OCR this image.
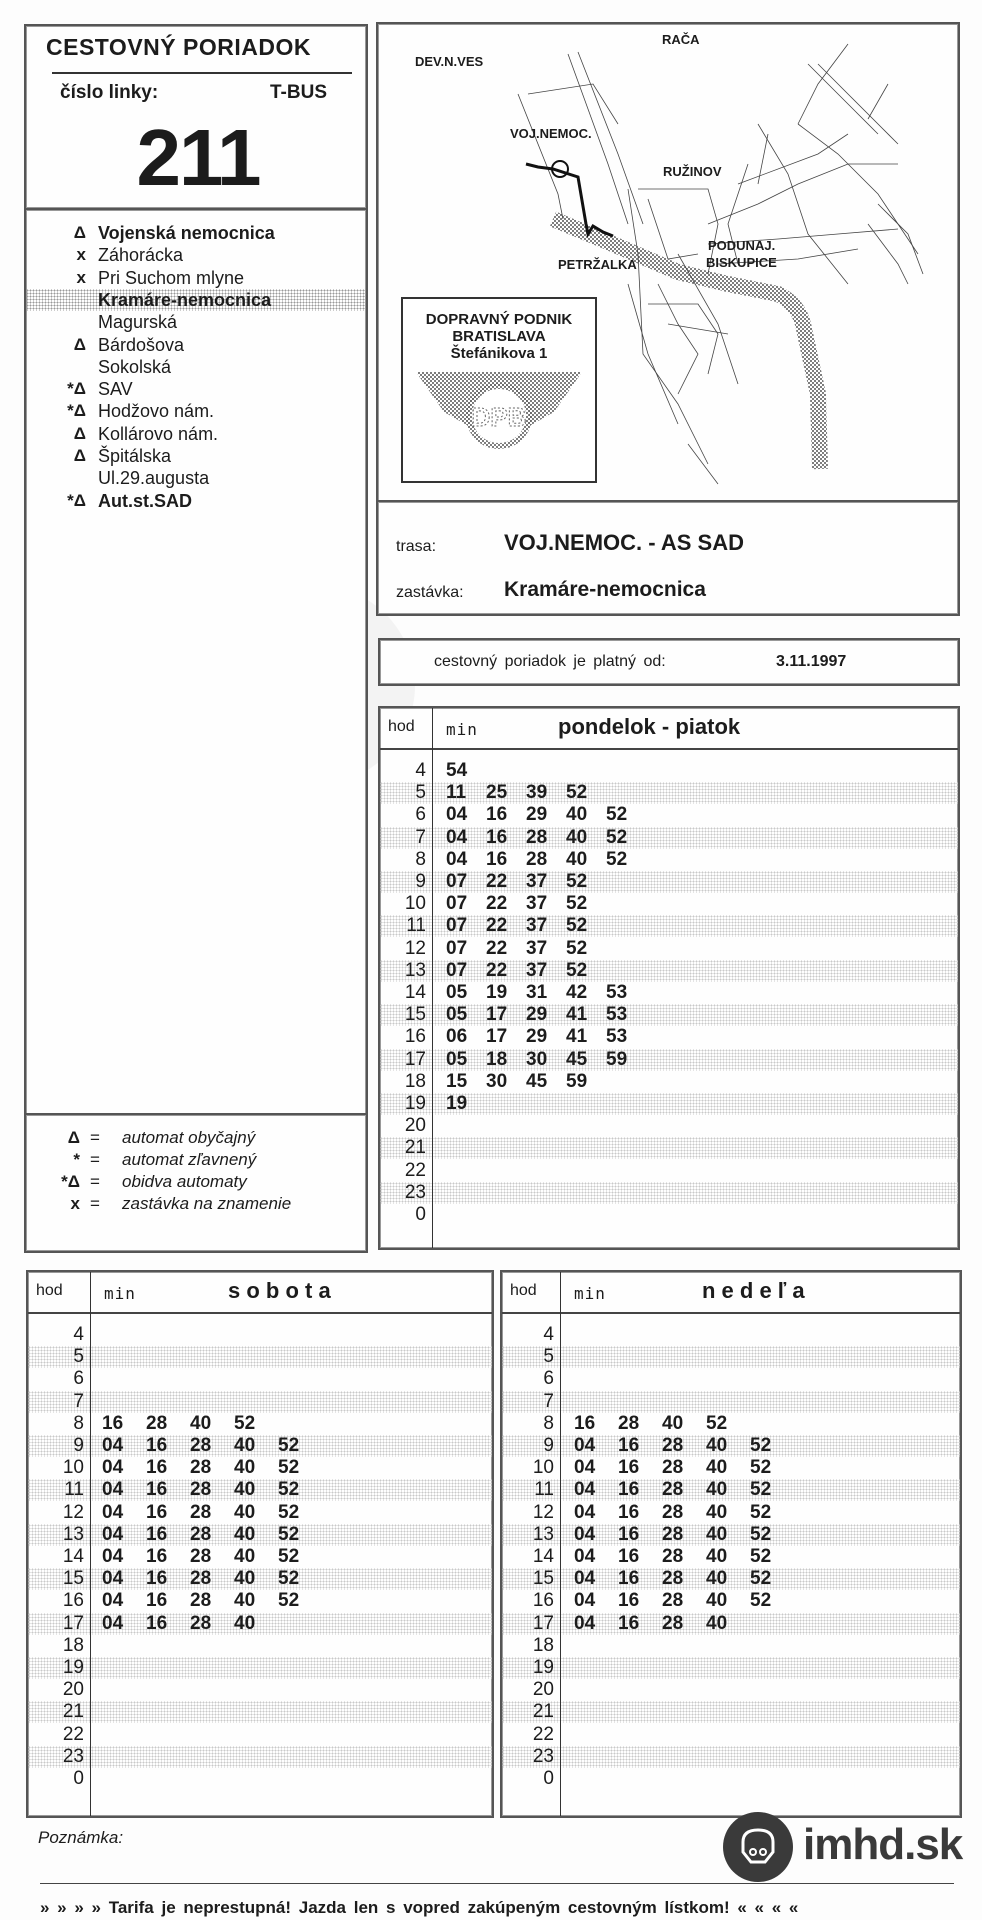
CESTOVNÝ PORIADOK
číslo linky:	T-BUS
211
Δ Vojenská nemocnica
x Záhorácka
x Pri Suchom mlyne
Kramáre-nemocnica
Magurská
Δ Bárdošova
Sokolská
*Δ SAV
*Δ Hodžovo nám.
Δ Kollárovo nám.
Δ Špitálska
Ul.29.augusta
*Δ Aut.st.SAD
Δ = automat obyčajný
* = automat zľavnený
*Δ = obidva automaty
x = zastávka na znamenie
DEV.N.VES
RAČA
VOJ.NEMOC.
RUŽINOV
PETRŽALKA
PODUNAJ.
BISKUPICE
DOPRAVNÝ PODNIK
BRATISLAVA
Štefánikova 1
DPB
trasa:	VOJ.NEMOC. - AS SAD
zastávka: Kramáre-nemocnica
cestovný poriadok je platný od:	3.11.1997
hod min	pondelok - piatok
4 54
5 11 25 39 52
6 04 16 29 40 52
7 04 16 28 40 52
8 04 16 28 40 52
9 07 22 37 52
10 07 22 37 52
11 07 22 37 52
12 07 22 37 52
13 07 22 37 52
14 05 19 31 42 53
15 05 17 29 41 53
16 06 17 29 41 53
17 05 18 30 45 59
18 15 30 45 59
19 19
20
21
22
23
0
hod	min	s o b o t a
4
5
6
7
8 16 28 40 52
9 04 16 28 40 52
10 04 16 28 40 52
11 04 16 28 40 52
12 04 16 28 40 52
13 04 16 28 40 52
14 04 16 28 40 52
15 04 16 28 40 52
16 04 16 28 40 52
17 04 16 28 40
18
19
20
21
22
23
0
hod min	n e d e ľ a
4
5
6
7
8 16 28 40 52
9 04 16 28 40 52
10 04 16 28 40 52
11 04 16 28 40 52
12 04 16 28 40 52
13 04 16 28 40 52
14 04 16 28 40 52
15 04 16 28 40 52
16 04 16 28 40 52
17 04 16 28 40
18
19
20
21
22
23
0
Poznámka:	imhd.sk
» » » » Tarifa je neprestupná! Jazda len s vopred zakúpeným cestovným lístkom! « « « «
